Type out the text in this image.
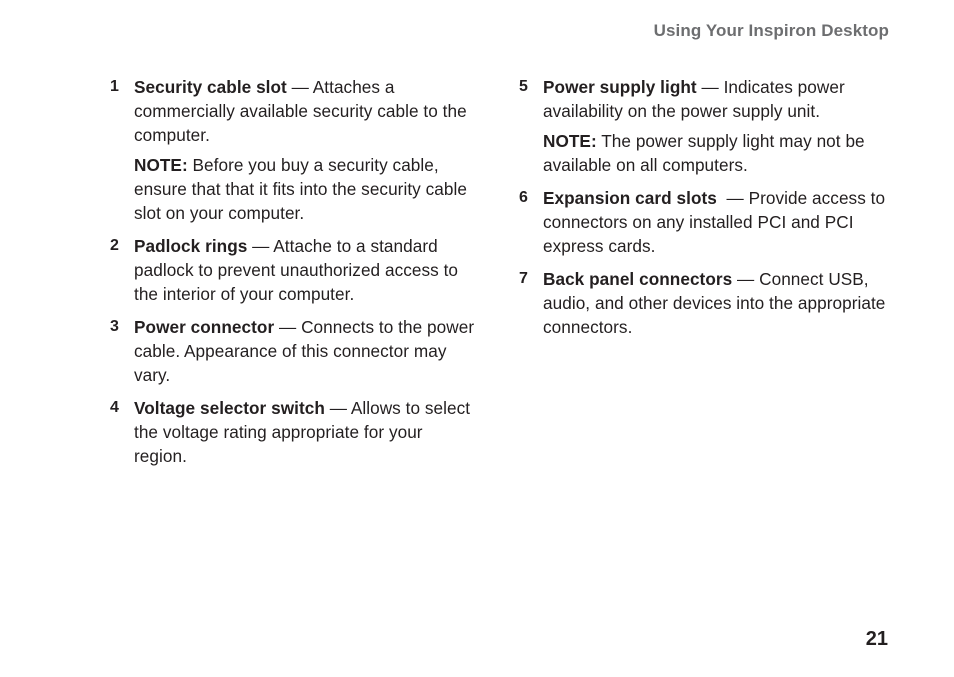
Using Your Inspiron Desktop
1 Security cable slot — Attaches a commercially available security cable to the computer.

NOTE: Before you buy a security cable, ensure that that it fits into the security cable slot on your computer.

2 Padlock rings — Attache to a standard padlock to prevent unauthorized access to the interior of your computer.

3 Power connector — Connects to the power cable. Appearance of this connector may vary.

4 Voltage selector switch — Allows to select the voltage rating appropriate for your region.

5 Power supply light — Indicates power availability on the power supply unit.

NOTE: The power supply light may not be available on all computers.

6 Expansion card slots  — Provide access to connectors on any installed PCI and PCI express cards.

7 Back panel connectors — Connect USB, audio, and other devices into the appropriate connectors.

21
